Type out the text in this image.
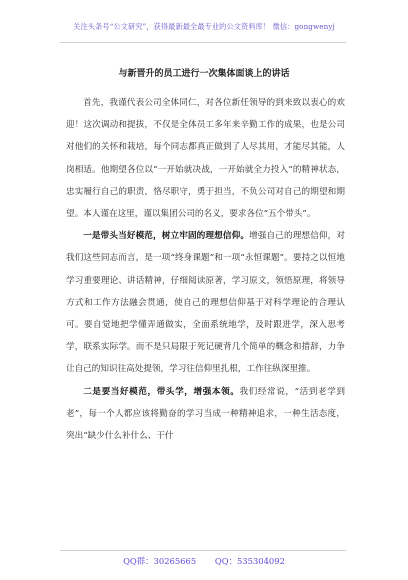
关注头条号“公文研究”，获得最新最全最专业的公文资料库！ 微信：gongwenyj
与新晋升的员工进行一次集体面谈上的讲话

首先，我谨代表公司全体同仁，对各位新任领导的到来致以衷心的欢迎！这次调动和提拔，不仅是全体员工多年来辛勤工作的成果，也是公司对他们的关怀和栽培，每个同志都真正做到了人尽其用，才能尽其能，人岗相适。他期望各位以“一开始就决战，一开始就全力投入”的精神状态，忠实履行自己的职责，恪尽职守，勇于担当，不负公司对自己的期望和期望。本人谨在这里，谨以集团公司的名义，要求各位“五个带头”。

一是带头当好模范，树立牢固的理想信仰。增强自己的理想信仰，对我们这些同志而言，是一项“终身课题”和一项“永恒课题”。要持之以恒地学习重要理论、讲话精神，仔细阅读原著，学习原文，领悟原理，将领导方式和工作方法融会贯通，使自己的理想信仰基于对科学理论的合理认可。要自觉地把学懂弄通做实，全面系统地学，及时跟进学，深入思考学，联系实际学。而不是只局限于死记硬背几个简单的概念和措辞，力争让自己的知识往高处提领，学习往信仰里扎根，工作往纵深里推。

二是要当好模范，带头学，增强本领。我们经常说，“活到老学到老”，每一个人都应该将勤奋的学习当成一种精神追求，一种生活态度，突出“缺少什么补什么、干什

QQ群：30265665 QQ：535304092
